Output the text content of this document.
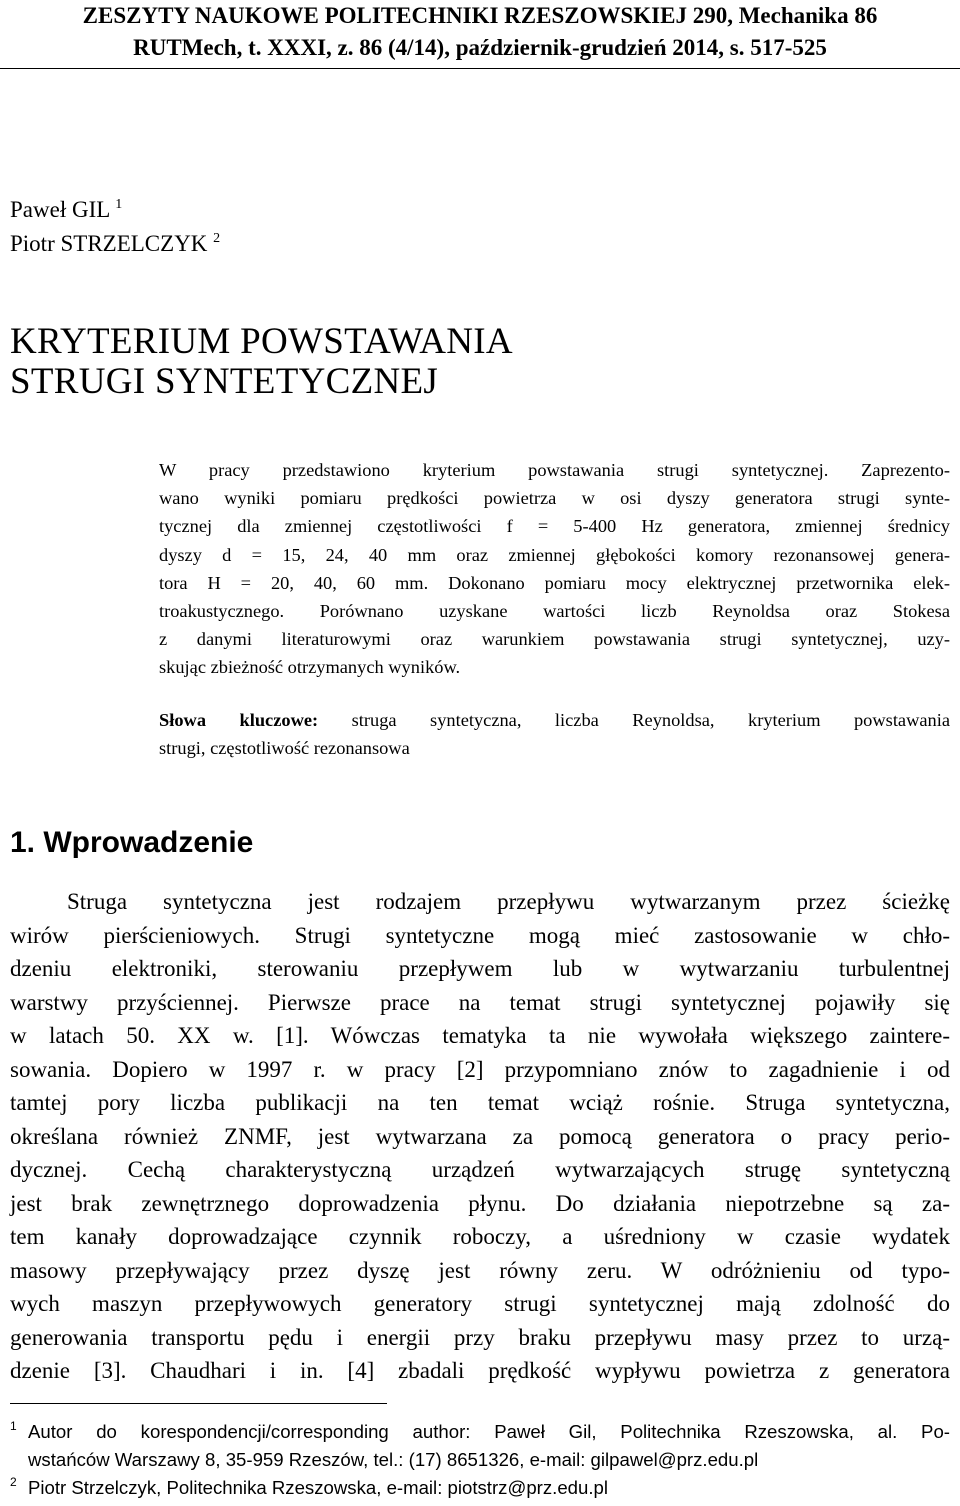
ZESZYTY NAUKOWE POLITECHNIKI RZESZOWSKIEJ 290, Mechanika 86
RUTMech, t. XXXI, z. 86 (4/14), październik-grudzień 2014, s. 517-525
Paweł GIL $^1$
Piotr STRZELCZYK $^2$
KRYTERIUM POWSTAWANIA
STRUGI SYNTETYCZNEJ
W pracy przedstawiono kryterium powstawania strugi syntetycznej. Zaprezento-
wano wyniki pomiaru prędkości powietrza w osi dyszy generatora strugi synte-
tycznej dla zmiennej częstotliwości f = 5-400 Hz generatora, zmiennej średnicy
dyszy d = 15, 24, 40 mm oraz zmiennej głębokości komory rezonansowej genera-
tora H = 20, 40, 60 mm. Dokonano pomiaru mocy elektrycznej przetwornika elek-
troakustycznego. Porównano uzyskane wartości liczb Reynoldsa oraz Stokesa
z danymi literaturowymi oraz warunkiem powstawania strugi syntetycznej, uzy-
skując zbieżność otrzymanych wyników.
Słowa kluczowe: struga syntetyczna, liczba Reynoldsa, kryterium powstawania
strugi, częstotliwość rezonansowa
1. Wprowadzenie
Struga syntetyczna jest rodzajem przepływu wytwarzanym przez ścieżkę
wirów pierścieniowych. Strugi syntetyczne mogą mieć zastosowanie w chło-
dzeniu elektroniki, sterowaniu przepływem lub w wytwarzaniu turbulentnej
warstwy przyściennej. Pierwsze prace na temat strugi syntetycznej pojawiły się
w latach 50. XX w. [1]. Wówczas tematyka ta nie wywołała większego zaintere-
sowania. Dopiero w 1997 r. w pracy [2] przypomniano znów to zagadnienie i od
tamtej pory liczba publikacji na ten temat wciąż rośnie. Struga syntetyczna,
określana również ZNMF, jest wytwarzana za pomocą generatora o pracy perio-
dycznej. Cechą charakterystyczną urządzeń wytwarzających strugę syntetyczną
jest brak zewnętrznego doprowadzenia płynu. Do działania niepotrzebne są za-
tem kanały doprowadzające czynnik roboczy, a uśredniony w czasie wydatek
masowy przepływający przez dyszę jest równy zeru. W odróżnieniu od typo-
wych maszyn przepływowych generatory strugi syntetycznej mają zdolność do
generowania transportu pędu i energii przy braku przepływu masy przez to urzą-
dzenie [3]. Chaudhari i in. [4] zbadali prędkość wypływu powietrza z generatora
1 Autor do korespondencji/corresponding author: Paweł Gil, Politechnika Rzeszowska, al. Po-
wstańców Warszawy 8, 35-959 Rzeszów, tel.: (17) 8651326, e-mail: gilpawel@prz.edu.pl
2 Piotr Strzelczyk, Politechnika Rzeszowska, e-mail: piotstrz@prz.edu.pl
